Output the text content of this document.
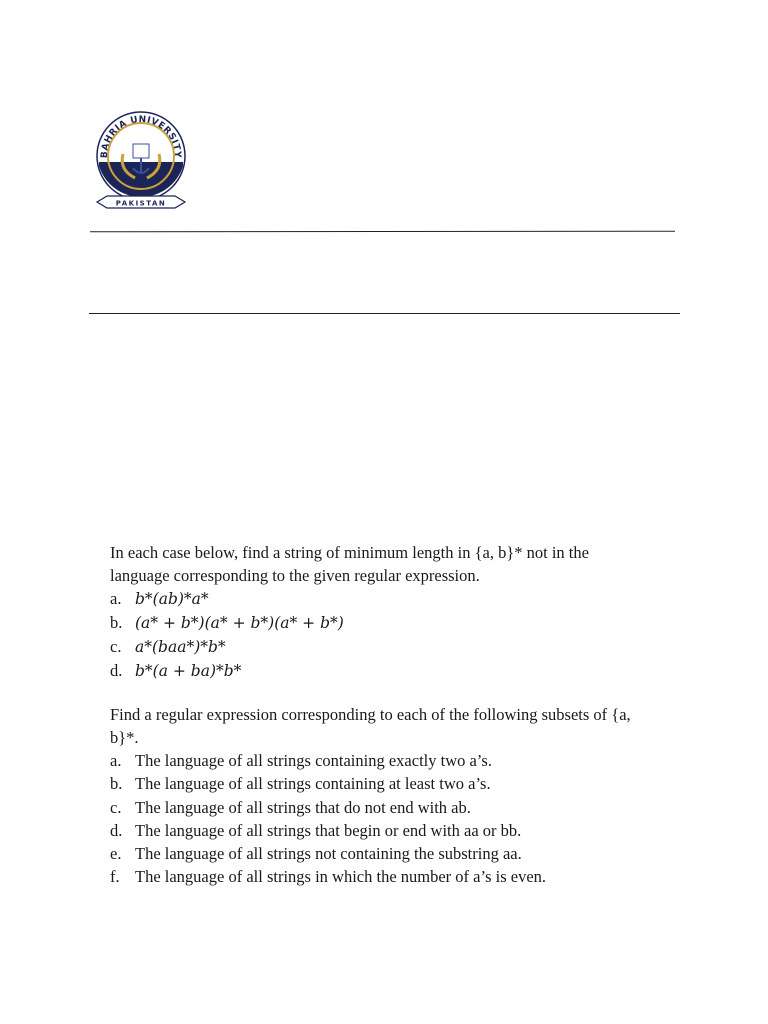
BAHRIA UNIVERSITY
PAKISTAN

In each case below, find a string of minimum length in {a, b}* not in the language corresponding to the given regular expression.

a. b*(ab)*a*
b. (a* + b*)(a* + b*)(a* + b*)
c. a*(baa*)*b*
d. b*(a + ba)*b*

Find a regular expression corresponding to each of the following subsets of {a, b}*.

a. The language of all strings containing exactly two a’s.
b. The language of all strings containing at least two a’s.
c. The language of all strings that do not end with ab.
d. The language of all strings that begin or end with aa or bb.
e. The language of all strings not containing the substring aa.
f. The language of all strings in which the number of a’s is even.
